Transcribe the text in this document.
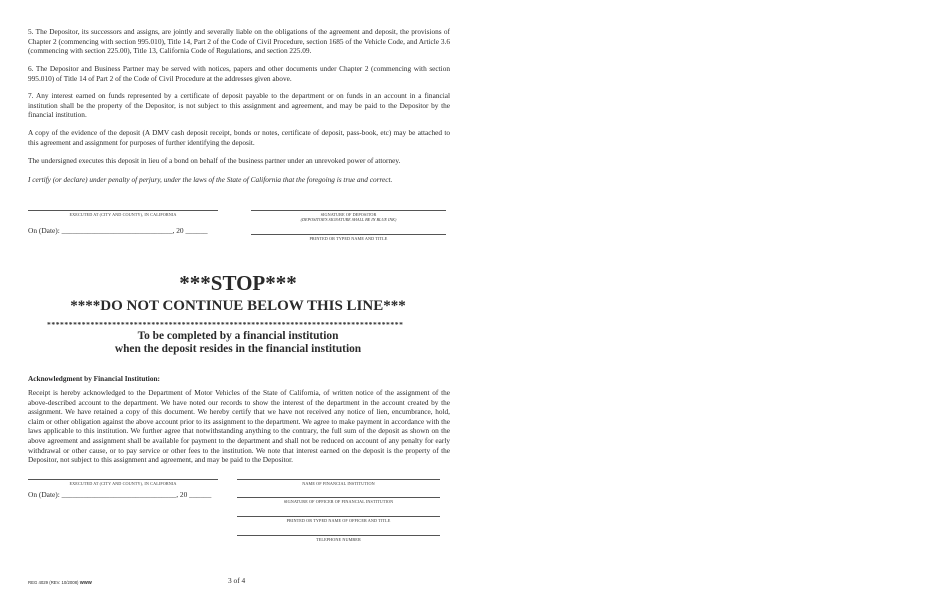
5. The Depositor, its successors and assigns, are jointly and severally liable on the obligations of the agreement and deposit, the provisions of Chapter 2 (commencing with section 995.010), Title 14, Part 2 of the Code of Civil Procedure, section 1685 of the Vehicle Code, and Article 3.6 (commencing with section 225.00), Title 13, California Code of Regulations, and section 225.09.

6. The Depositor and Business Partner may be served with notices, papers and other documents under Chapter 2 (commencing with section 995.010) of Title 14 of Part 2 of the Code of Civil Procedure at the addresses given above.

7. Any interest earned on funds represented by a certificate of deposit payable to the department or on funds in an account in a financial institution shall be the property of the Depositor, is not subject to this assignment and agreement, and may be paid to the Depositor by the financial institution.

A copy of the evidence of the deposit (A DMV cash deposit receipt, bonds or notes, certificate of deposit, pass-book, etc) may be attached to this agreement and assignment for purposes of further identifying the deposit.

The undersigned executes this deposit in lieu of a bond on behalf of the business partner under an unrevoked power of attorney.

I certify (or declare) under penalty of perjury, under the laws of the State of California that the foregoing is true and correct.

EXECUTED AT (CITY AND COUNTY), IN CALIFORNIA
On (Date): ______________________________, 20 ______
SIGNATURE OF DEPOSITOR
(DEPOSITOR'S SIGNATURE SHALL BE IN BLUE INK)
PRINTED OR TYPED NAME AND TITLE
***STOP***
****DO NOT CONTINUE BELOW THIS LINE***
**********************************************************************************
To be completed by a financial institution
when the deposit resides in the financial institution
Acknowledgment by Financial Institution:

Receipt is hereby acknowledged to the Department of Motor Vehicles of the State of California, of written notice of the assignment of the above-described account to the department. We have noted our records to show the interest of the department in the account created by the assignment. We have retained a copy of this document. We hereby certify that we have not received any notice of lien, encumbrance, hold, claim or other obligation against the above account prior to its assignment to the department. We agree to make payment in accordance with the laws applicable to this institution. We further agree that notwithstanding anything to the contrary, the full sum of the deposit as shown on the above agreement and assignment shall be available for payment to the department and shall not be reduced on account of any penalty for early withdrawal or other cause, or to pay service or other fees to the institution. We note that interest earned on the deposit is the property of the Depositor, not subject to this assignment and agreement, and may be paid to the Depositor.

EXECUTED AT (CITY AND COUNTY), IN CALIFORNIA
On (Date): _______________________________, 20 ______
NAME OF FINANCIAL INSTITUTION
SIGNATURE OF OFFICER OF FINANCIAL INSTITUTION
PRINTED OR TYPED NAME OF OFFICER AND TITLE
TELEPHONE NUMBER
REG 4029 (REV. 10/2008) WWW	3 of 4
